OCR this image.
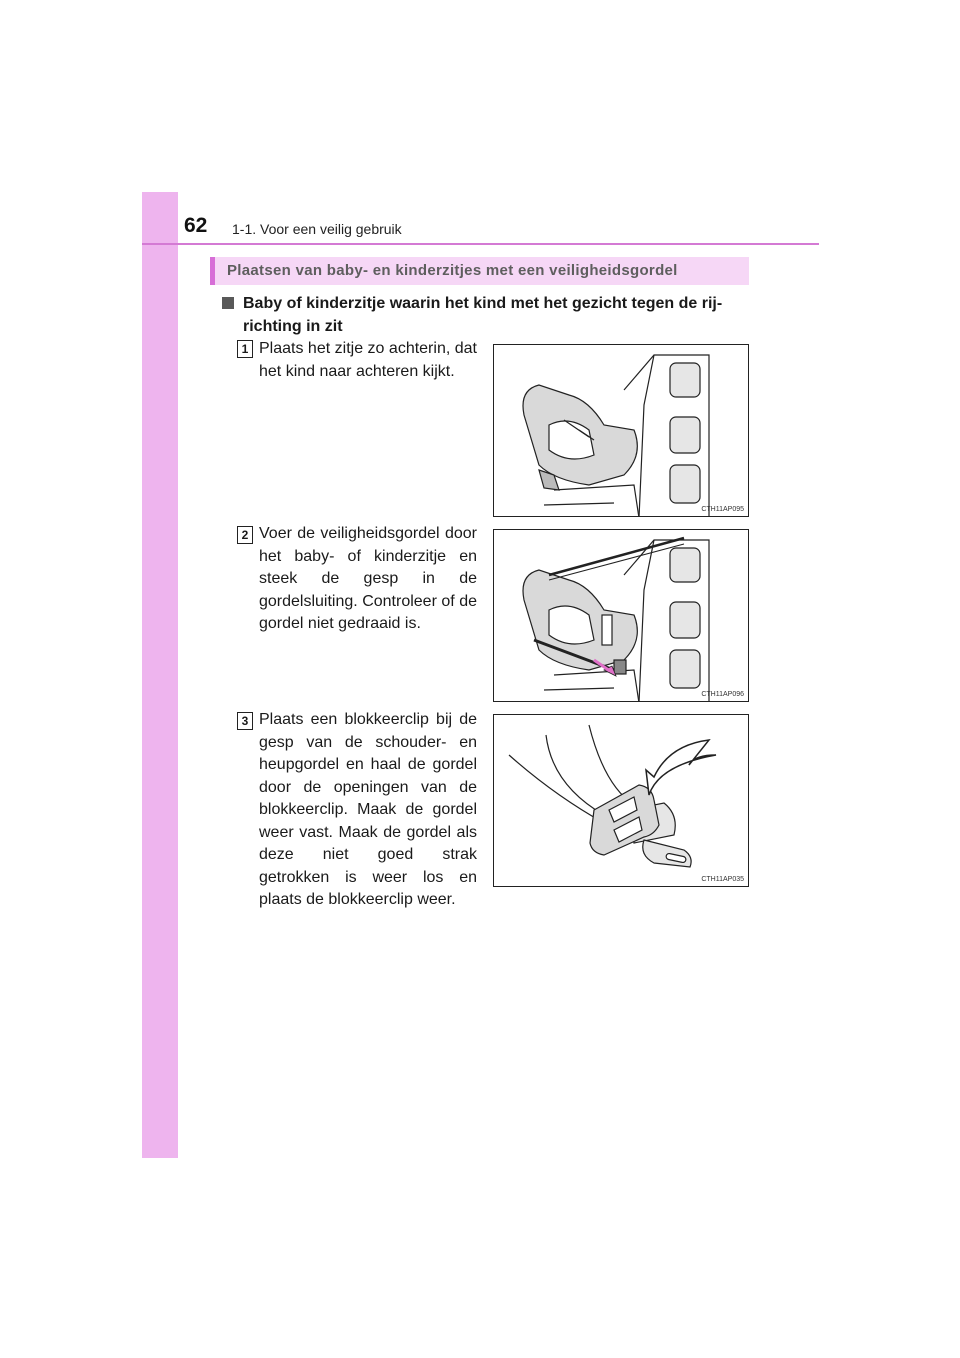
62 1-1. Voor een veilig gebruik
Plaatsen van baby- en kinderzitjes met een veiligheidsgordel
Baby of kinderzitje waarin het kind met het gezicht tegen de rij-richting in zit
1 Plaats het zitje zo achterin, dat het kind naar achteren kijkt.
CTH11AP095
2 Voer de veiligheidsgordel door het baby- of kinderzitje en steek de gesp in de gordelsluiting. Controleer of de gordel niet gedraaid is.
CTH11AP096
3 Plaats een blokkeerclip bij de gesp van de schouder- en heupgordel en haal de gordel door de openingen van de blokkeerclip. Maak de gordel weer vast. Maak de gordel als deze niet goed strak getrokken is weer los en plaats de blokkeerclip weer.
CTH11AP035
